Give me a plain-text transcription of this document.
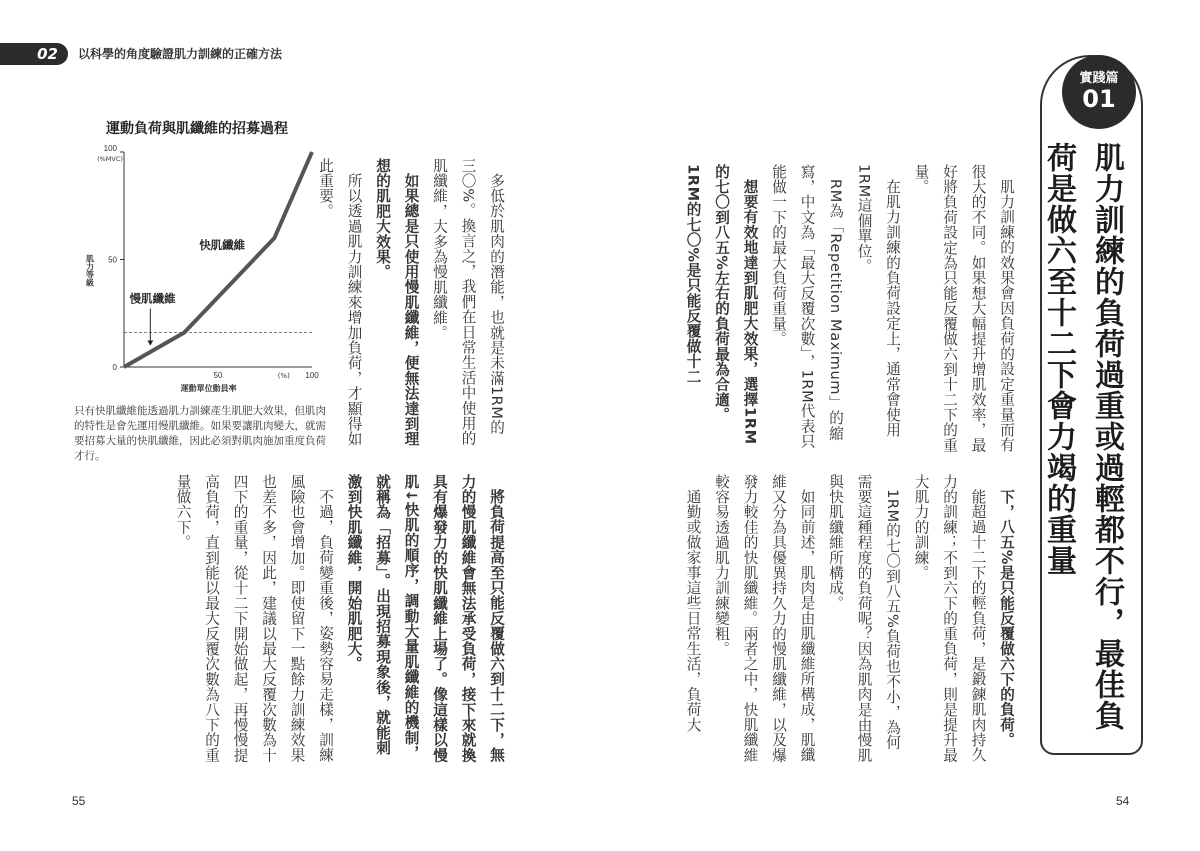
02	以科學的角度驗證肌力訓練的正確方法
運動負荷與肌纖維的招募過程
0
50
100
(%MVC)
肌力等級
50	100
(%)
運動單位動員率
快肌纖維
慢肌纖維
只有快肌纖維能透過肌力訓練產生肌肥大效果，但肌肉的特性是會先運用慢肌纖維。如果要讓肌肉變大，就需要招募大量的快肌纖維，因此必須對肌肉施加重度負荷才行。
實踐篇
01
肌力訓練的負荷過重或過輕都不行，最佳負荷是做六至十二下會力竭的重量

肌力訓練的效果會因負荷的設定重量而有很大的不同。如果想大幅提升增肌效率，最好將負荷設定為只能反覆做六到十二下的重量。

在肌力訓練的負荷設定上，通常會使用1RM這個單位。

RM為「Repetition Maximum」的縮寫，中文為「最大反覆次數」，1RM代表只能做一下的最大負荷重量。

想要有效地達到肌肥大效果，選擇1RM的七〇到八五%左右的負荷最為合適。1RM的七〇%是只能反覆做十二

多低於肌肉的潛能，也就是未滿1RM的三〇%。換言之，我們在日常生活中使用的肌纖維，大多為慢肌纖維。

如果總是只使用慢肌纖維，便無法達到理想的肌肥大效果。

所以透過肌力訓練來增加負荷，才顯得如此重要。

下，八五%是只能反覆做六下的負荷。

能超過十二下的輕負荷，是鍛鍊肌肉持久力的訓練；不到六下的重負荷，則是提升最大肌力的訓練。

1RM的七〇到八五%負荷也不小，為何需要這種程度的負荷呢？因為肌肉是由慢肌與快肌纖維所構成。

如同前述，肌肉是由肌纖維所構成，肌纖維又分為具優異持久力的慢肌纖維，以及爆發力較佳的快肌纖維。兩者之中，快肌纖維較容易透過肌力訓練變粗。

通勤或做家事這些日常生活，負荷大

將負荷提高至只能反覆做六到十二下，無力的慢肌纖維會無法承受負荷，接下來就換具有爆發力的快肌纖維上場了。像這樣以慢肌↓快肌的順序，調動大量肌纖維的機制，就稱為「招募」。出現招募現象後，就能刺激到快肌纖維，開始肌肥大。

不過，負荷變重後，姿勢容易走樣，訓練風險也會增加。即使留下一點餘力訓練效果也差不多，因此，建議以最大反覆次數為十四下的重量，從十二下開始做起，再慢慢提高負荷，直到能以最大反覆次數為八下的重量做六下。

55	54
